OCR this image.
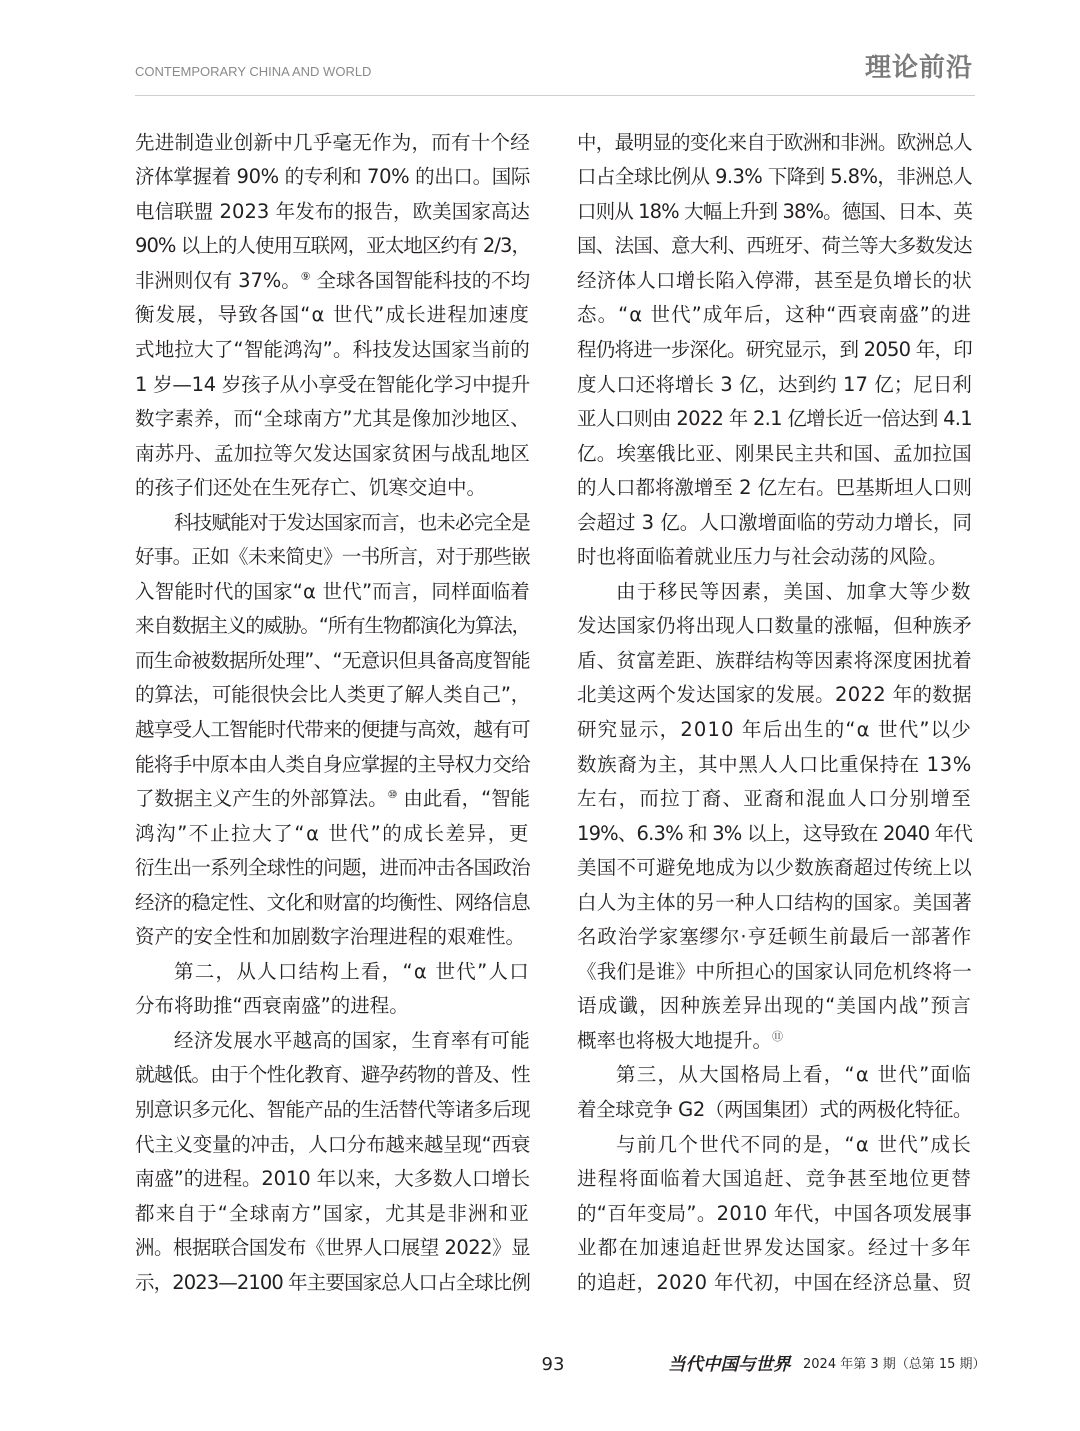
CONTEMPORARY CHINA AND WORLD	理论前沿
先进制造业创新中几乎毫无作为，而有十个经
济体掌握着 90% 的专利和 70% 的出口。国际
电信联盟 2023 年发布的报告，欧美国家高达
90% 以上的人使用互联网，亚太地区约有 2/3，
非洲则仅有 37%。⑨ 全球各国智能科技的不均
衡发展，导致各国“α 世代”成长进程加速度
式地拉大了“智能鸿沟”。科技发达国家当前的
1 岁—14 岁孩子从小享受在智能化学习中提升
数字素养，而“全球南方”尤其是像加沙地区、
南苏丹、孟加拉等欠发达国家贫困与战乱地区
的孩子们还处在生死存亡、饥寒交迫中。
科技赋能对于发达国家而言，也未必完全是
好事。正如《未来简史》一书所言，对于那些嵌
入智能时代的国家“α 世代”而言，同样面临着
来自数据主义的威胁。“所有生物都演化为算法，
而生命被数据所处理”、“无意识但具备高度智能
的算法，可能很快会比人类更了解人类自己”，
越享受人工智能时代带来的便捷与高效，越有可
能将手中原本由人类自身应掌握的主导权力交给
了数据主义产生的外部算法。⑩ 由此看，“智能
鸿沟”不止拉大了“α 世代”的成长差异，更
衍生出一系列全球性的问题，进而冲击各国政治
经济的稳定性、文化和财富的均衡性、网络信息
资产的安全性和加剧数字治理进程的艰难性。
第二，从人口结构上看，“α 世代”人口
分布将助推“西衰南盛”的进程。
经济发展水平越高的国家，生育率有可能
就越低。由于个性化教育、避孕药物的普及、性
别意识多元化、智能产品的生活替代等诸多后现
代主义变量的冲击，人口分布越来越呈现“西衰
南盛”的进程。2010 年以来，大多数人口增长
都来自于“全球南方”国家，尤其是非洲和亚
洲。根据联合国发布《世界人口展望 2022》显
示，2023—2100 年主要国家总人口占全球比例
中，最明显的变化来自于欧洲和非洲。欧洲总人
口占全球比例从 9.3% 下降到 5.8%，非洲总人
口则从 18% 大幅上升到 38%。德国、日本、英
国、法国、意大利、西班牙、荷兰等大多数发达
经济体人口增长陷入停滞，甚至是负增长的状
态。“α 世代”成年后，这种“西衰南盛”的进
程仍将进一步深化。研究显示，到 2050 年，印
度人口还将增长 3 亿，达到约 17 亿；尼日利
亚人口则由 2022 年 2.1 亿增长近一倍达到 4.1
亿。埃塞俄比亚、刚果民主共和国、孟加拉国
的人口都将激增至 2 亿左右。巴基斯坦人口则
会超过 3 亿。人口激增面临的劳动力增长，同
时也将面临着就业压力与社会动荡的风险。
由于移民等因素，美国、加拿大等少数
发达国家仍将出现人口数量的涨幅，但种族矛
盾、贫富差距、族群结构等因素将深度困扰着
北美这两个发达国家的发展。2022 年的数据
研究显示，2010 年后出生的“α 世代”以少
数族裔为主，其中黑人人口比重保持在 13%
左右，而拉丁裔、亚裔和混血人口分别增至
19%、6.3% 和 3% 以上，这导致在 2040 年代
美国不可避免地成为以少数族裔超过传统上以
白人为主体的另一种人口结构的国家。美国著
名政治学家塞缪尔·亨廷顿生前最后一部著作
《我们是谁》中所担心的国家认同危机终将一
语成谶，因种族差异出现的“美国内战”预言
概率也将极大地提升。⑪
第三，从大国格局上看，“α 世代”面临
着全球竞争 G2（两国集团）式的两极化特征。
与前几个世代不同的是，“α 世代”成长
进程将面临着大国追赶、竞争甚至地位更替
的“百年变局”。2010 年代，中国各项发展事
业都在加速追赶世界发达国家。经过十多年
的追赶，2020 年代初，中国在经济总量、贸
93	当代中国与世界 2024 年第 3 期（总第 15 期）
